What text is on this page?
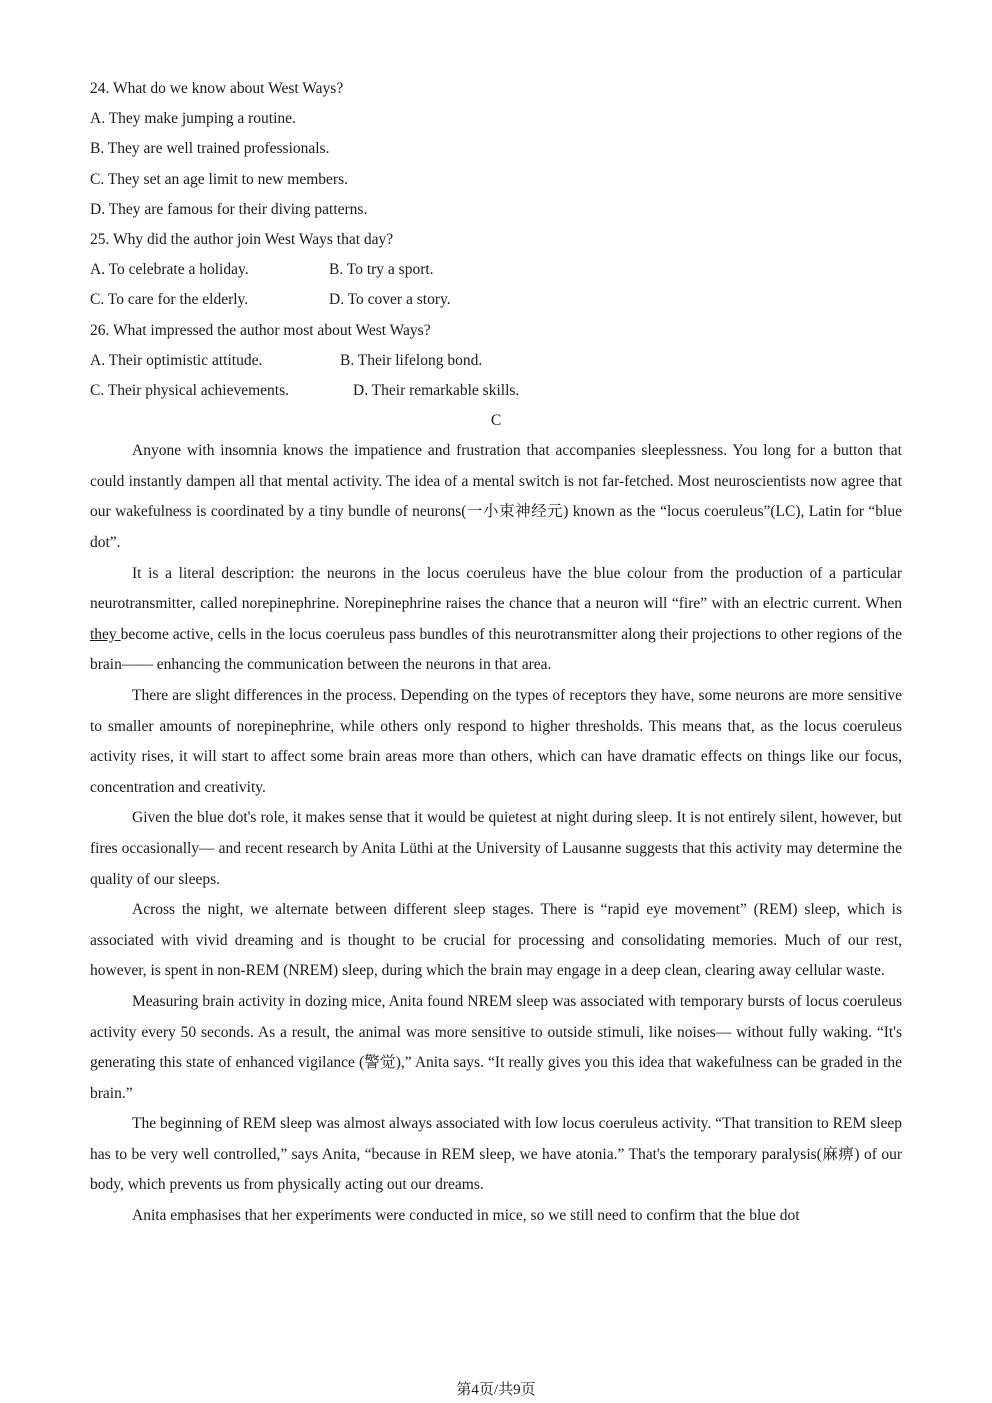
24. What do we know about West Ways?

A. They make jumping a routine.

B. They are well trained professionals.

C. They set an age limit to new members.

D. They are famous for their diving patterns.

25. Why did the author join West Ways that day?

A. To celebrate a holiday.	B. To try a sport.
C. To care for the elderly.	D. To cover a story.

26. What impressed the author most about West Ways?

A. Their optimistic attitude.	B. Their lifelong bond.
C. Their physical achievements.	D. Their remarkable skills.

C

Anyone with insomnia knows the impatience and frustration that accompanies sleeplessness. You long for a button that could instantly dampen all that mental activity. The idea of a mental switch is not far-fetched. Most neuroscientists now agree that our wakefulness is coordinated by a tiny bundle of neurons(一小束神经元) known as the “locus coeruleus”(LC), Latin for “blue dot”.

It is a literal description: the neurons in the locus coeruleus have the blue colour from the production of a particular neurotransmitter, called norepinephrine. Norepinephrine raises the chance that a neuron will “fire” with an electric current. When they become active, cells in the locus coeruleus pass bundles of this neurotransmitter along their projections to other regions of the brain—— enhancing the communication between the neurons in that area.

There are slight differences in the process. Depending on the types of receptors they have, some neurons are more sensitive to smaller amounts of norepinephrine, while others only respond to higher thresholds. This means that, as the locus coeruleus activity rises, it will start to affect some brain areas more than others, which can have dramatic effects on things like our focus, concentration and creativity.

Given the blue dot's role, it makes sense that it would be quietest at night during sleep. It is not entirely silent, however, but fires occasionally— and recent research by Anita Lüthi at the University of Lausanne suggests that this activity may determine the quality of our sleeps.

Across the night, we alternate between different sleep stages. There is “rapid eye movement” (REM) sleep, which is associated with vivid dreaming and is thought to be crucial for processing and consolidating memories. Much of our rest, however, is spent in non-REM (NREM) sleep, during which the brain may engage in a deep clean, clearing away cellular waste.

Measuring brain activity in dozing mice, Anita found NREM sleep was associated with temporary bursts of locus coeruleus activity every 50 seconds. As a result, the animal was more sensitive to outside stimuli, like noises— without fully waking. “It's generating this state of enhanced vigilance (警觉),” Anita says. “It really gives you this idea that wakefulness can be graded in the brain.”

The beginning of REM sleep was almost always associated with low locus coeruleus activity. “That transition to REM sleep has to be very well controlled,” says Anita, “because in REM sleep, we have atonia.” That's the temporary paralysis(麻痹) of our body, which prevents us from physically acting out our dreams.

Anita emphasises that her experiments were conducted in mice, so we still need to confirm that the blue dot

第4页/共9页
